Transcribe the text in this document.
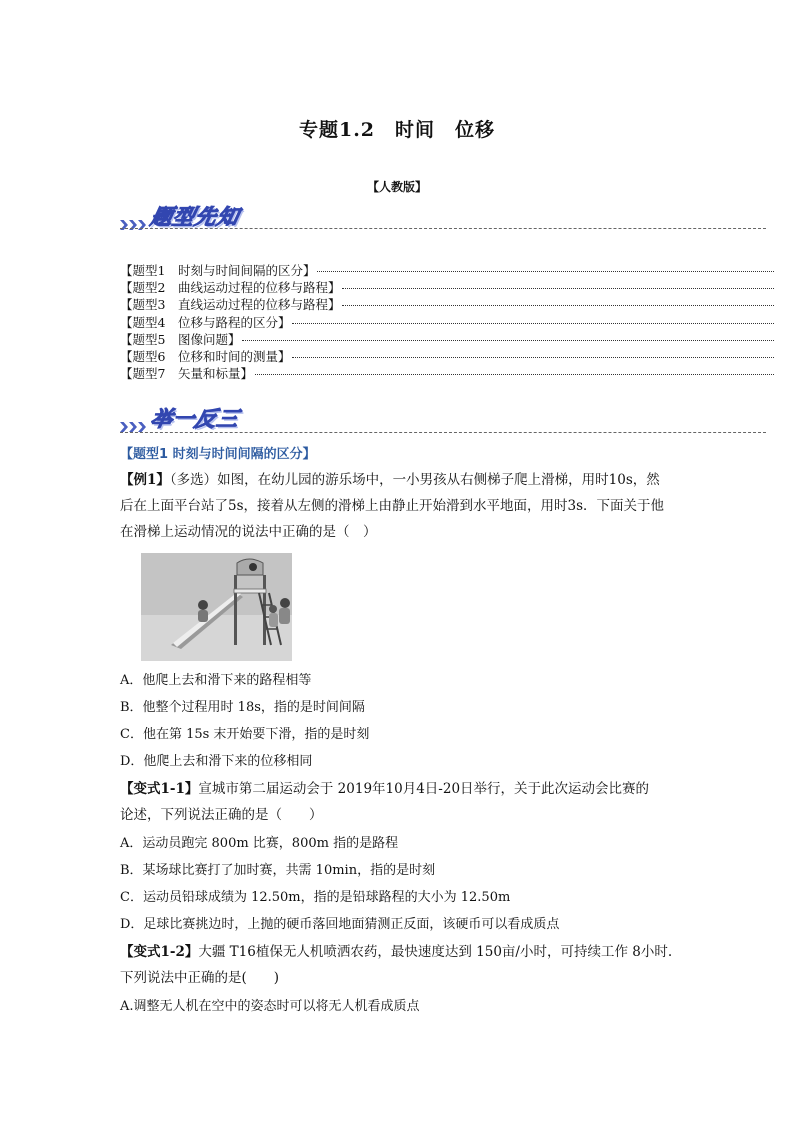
专题1.2　时间　位移
【人教版】
题型先知
【题型1　时刻与时间间隔的区分】
【题型2　曲线运动过程的位移与路程】
【题型3　直线运动过程的位移与路程】
【题型4　位移与路程的区分】
【题型5　图像问题】
【题型6　位移和时间的测量】
【题型7　矢量和标量】
举一反三
【题型1 时刻与时间间隔的区分】
【例1】（多选）如图，在幼儿园的游乐场中，一小男孩从右侧梯子爬上滑梯，用时10s，然
后在上面平台站了5s，接着从左侧的滑梯上由静止开始滑到水平地面，用时3s．下面关于他
在滑梯上运动情况的说法中正确的是（　）
A．他爬上去和滑下来的路程相等
B．他整个过程用时 18s，指的是时间间隔
C．他在第 15s 末开始要下滑，指的是时刻
D．他爬上去和滑下来的位移相同
【变式1-1】宣城市第二届运动会于 2019年10月4日-20日举行，关于此次运动会比赛的
论述，下列说法正确的是（　　）
A．运动员跑完 800m 比赛，800m 指的是路程
B．某场球比赛打了加时赛，共需 10min，指的是时刻
C．运动员铅球成绩为 12.50m，指的是铅球路程的大小为 12.50m
D．足球比赛挑边时，上抛的硬币落回地面猜测正反面，该硬币可以看成质点
【变式1-2】大疆 T16植保无人机喷洒农药，最快速度达到 150亩/小时，可持续工作 8小时.
下列说法中正确的是(　　)
A.调整无人机在空中的姿态时可以将无人机看成质点
